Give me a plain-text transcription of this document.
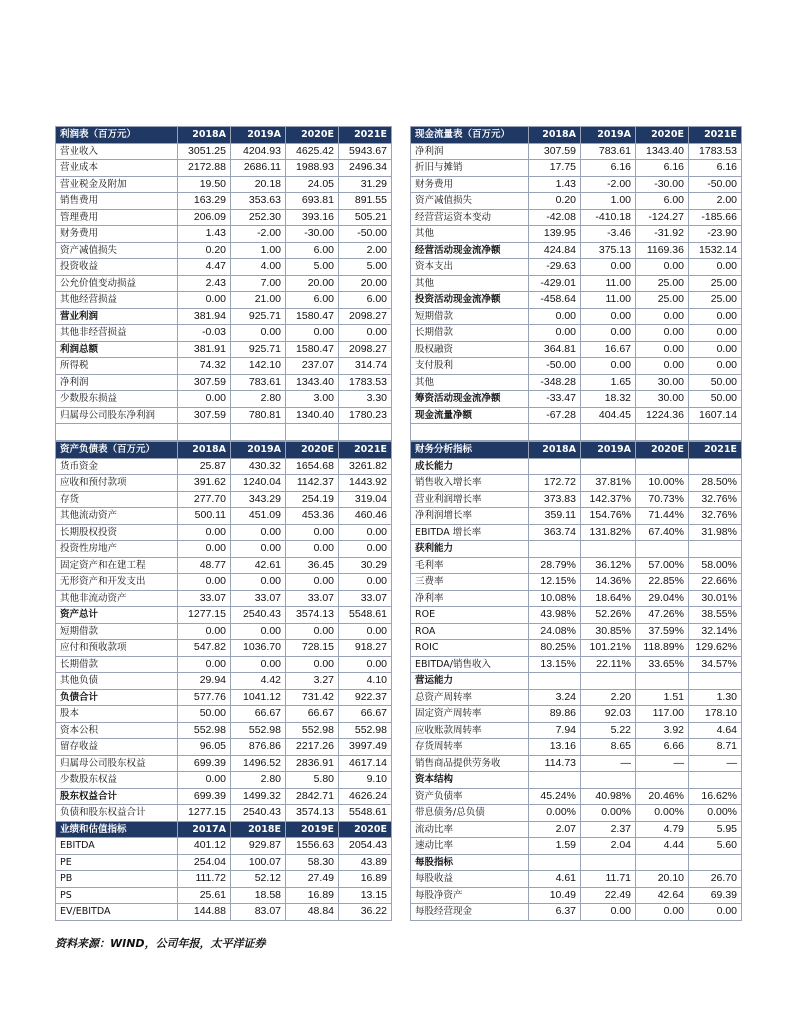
利润表（百万元）	2018A	2019A	2020E	2021E
营业收入	3051.25	4204.93	4625.42	5943.67
营业成本	2172.88	2686.11	1988.93	2496.34
营业税金及附加	19.50	20.18	24.05	31.29
销售费用	163.29	353.63	693.81	891.55
管理费用	206.09	252.30	393.16	505.21
财务费用	1.43	-2.00	-30.00	-50.00
资产减值损失	0.20	1.00	6.00	2.00
投资收益	4.47	4.00	5.00	5.00
公允价值变动损益	2.43	7.00	20.00	20.00
其他经营损益	0.00	21.00	6.00	6.00
营业利润	381.94	925.71	1580.47	2098.27
其他非经营损益	-0.03	0.00	0.00	0.00
利润总额	381.91	925.71	1580.47	2098.27
所得税	74.32	142.10	237.07	314.74
净利润	307.59	783.61	1343.40	1783.53
少数股东损益	0.00	2.80	3.00	3.30
归属母公司股东净利润	307.59	780.81	1340.40	1780.23

资产负债表（百万元）	2018A	2019A	2020E	2021E
货币资金	25.87	430.32	1654.68	3261.82
应收和预付款项	391.62	1240.04	1142.37	1443.92
存货	277.70	343.29	254.19	319.04
其他流动资产	500.11	451.09	453.36	460.46
长期股权投资	0.00	0.00	0.00	0.00
投资性房地产	0.00	0.00	0.00	0.00
固定资产和在建工程	48.77	42.61	36.45	30.29
无形资产和开发支出	0.00	0.00	0.00	0.00
其他非流动资产	33.07	33.07	33.07	33.07
资产总计	1277.15	2540.43	3574.13	5548.61
短期借款	0.00	0.00	0.00	0.00
应付和预收款项	547.82	1036.70	728.15	918.27
长期借款	0.00	0.00	0.00	0.00
其他负债	29.94	4.42	3.27	4.10
负债合计	577.76	1041.12	731.42	922.37
股本	50.00	66.67	66.67	66.67
资本公积	552.98	552.98	552.98	552.98
留存收益	96.05	876.86	2217.26	3997.49
归属母公司股东权益	699.39	1496.52	2836.91	4617.14
少数股东权益	0.00	2.80	5.80	9.10
股东权益合计	699.39	1499.32	2842.71	4626.24
负债和股东权益合计	1277.15	2540.43	3574.13	5548.61
业绩和估值指标	2017A	2018E	2019E	2020E
EBITDA	401.12	929.87	1556.63	2054.43
PE	254.04	100.07	58.30	43.89
PB	111.72	52.12	27.49	16.89
PS	25.61	18.58	16.89	13.15
EV/EBITDA	144.88	83.07	48.84	36.22
现金流量表（百万元）	2018A	2019A	2020E	2021E
净利润	307.59	783.61	1343.40	1783.53
折旧与摊销	17.75	6.16	6.16	6.16
财务费用	1.43	-2.00	-30.00	-50.00
资产减值损失	0.20	1.00	6.00	2.00
经营营运资本变动	-42.08	-410.18	-124.27	-185.66
其他	139.95	-3.46	-31.92	-23.90
经营活动现金流净额	424.84	375.13	1169.36	1532.14
资本支出	-29.63	0.00	0.00	0.00
其他	-429.01	11.00	25.00	25.00
投资活动现金流净额	-458.64	11.00	25.00	25.00
短期借款	0.00	0.00	0.00	0.00
长期借款	0.00	0.00	0.00	0.00
股权融资	364.81	16.67	0.00	0.00
支付股利	-50.00	0.00	0.00	0.00
其他	-348.28	1.65	30.00	50.00
筹资活动现金流净额	-33.47	18.32	30.00	50.00
现金流量净额	-67.28	404.45	1224.36	1607.14

财务分析指标	2018A	2019A	2020E	2021E
成长能力				
销售收入增长率	172.72	37.81%	10.00%	28.50%
营业利润增长率	373.83	142.37%	70.73%	32.76%
净利润增长率	359.11	154.76%	71.44%	32.76%
EBITDA 增长率	363.74	131.82%	67.40%	31.98%
获利能力				
毛利率	28.79%	36.12%	57.00%	58.00%
三费率	12.15%	14.36%	22.85%	22.66%
净利率	10.08%	18.64%	29.04%	30.01%
ROE	43.98%	52.26%	47.26%	38.55%
ROA	24.08%	30.85%	37.59%	32.14%
ROIC	80.25%	101.21%	118.89%	129.62%
EBITDA/销售收入	13.15%	22.11%	33.65%	34.57%
营运能力				
总资产周转率	3.24	2.20	1.51	1.30
固定资产周转率	89.86	92.03	117.00	178.10
应收账款周转率	7.94	5.22	3.92	4.64
存货周转率	13.16	8.65	6.66	8.71
销售商品提供劳务收	114.73	—	—	—
资本结构				
资产负债率	45.24%	40.98%	20.46%	16.62%
带息债务/总负债	0.00%	0.00%	0.00%	0.00%
流动比率	2.07	2.37	4.79	5.95
速动比率	1.59	2.04	4.44	5.60
每股指标				
每股收益	4.61	11.71	20.10	26.70
每股净资产	10.49	22.49	42.64	69.39
每股经营现金	6.37	0.00	0.00	0.00
资料来源：WIND，公司年报，太平洋证券
